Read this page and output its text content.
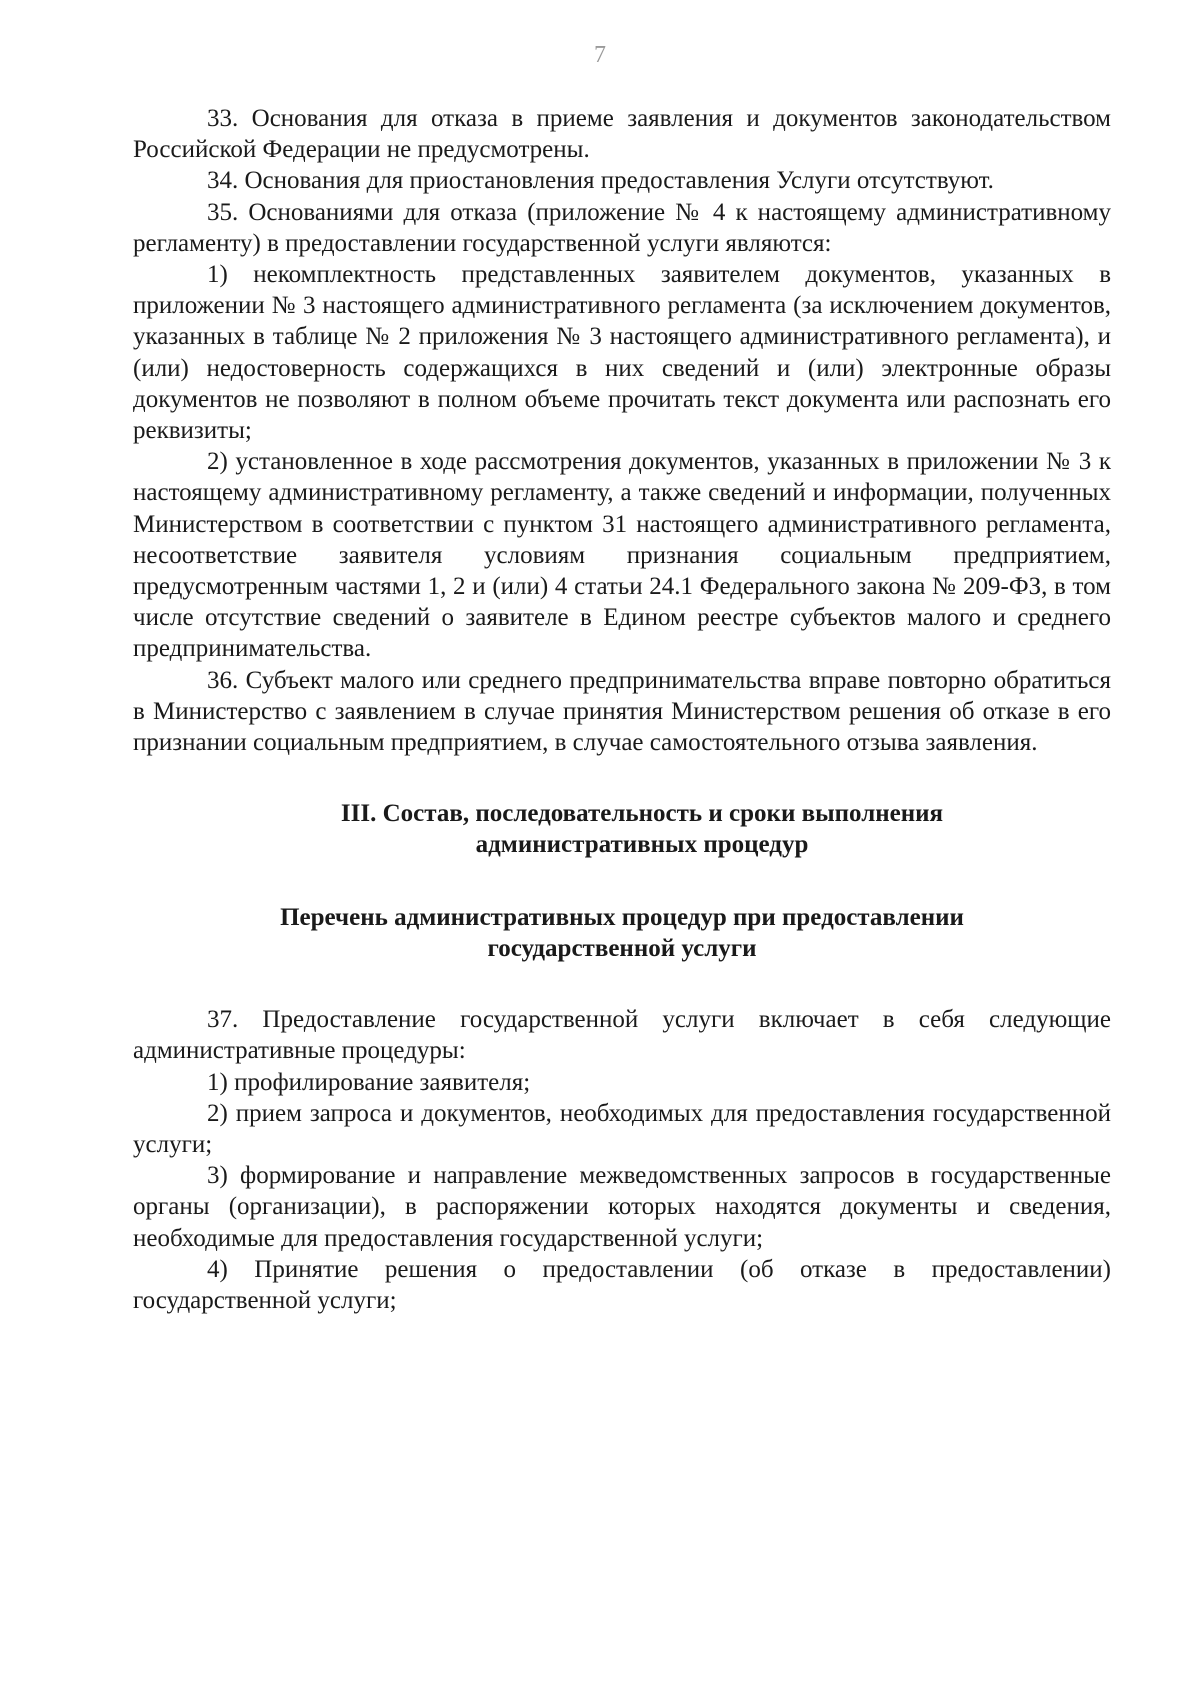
7

33. Основания для отказа в приеме заявления и документов законодательством Российской Федерации не предусмотрены.

34. Основания для приостановления предоставления Услуги отсутствуют.

35. Основаниями для отказа (приложение № 4 к настоящему административному регламенту) в предоставлении государственной услуги являются:

1) некомплектность представленных заявителем документов, указанных в приложении № 3 настоящего административного регламента (за исключением документов, указанных в таблице № 2 приложения № 3 настоящего административного регламента), и (или) недостоверность содержащихся в них сведений и (или) электронные образы документов не позволяют в полном объеме прочитать текст документа или распознать его реквизиты;

2) установленное в ходе рассмотрения документов, указанных в приложении № 3 к настоящему административному регламенту, а также сведений и информации, полученных Министерством в соответствии с пунктом 31 настоящего административного регламента, несоответствие заявителя условиям признания социальным предприятием, предусмотренным частями 1, 2 и (или) 4 статьи 24.1 Федерального закона № 209-ФЗ, в том числе отсутствие сведений о заявителе в Едином реестре субъектов малого и среднего предпринимательства.

36. Субъект малого или среднего предпринимательства вправе повторно обратиться в Министерство с заявлением в случае принятия Министерством решения об отказе в его признании социальным предприятием, в случае самостоятельного отзыва заявления.

III. Состав, последовательность и сроки выполнения
административных процедур
Перечень административных процедур при предоставлении
государственной услуги

37. Предоставление государственной услуги включает в себя следующие административные процедуры:

1) профилирование заявителя;

2) прием запроса и документов, необходимых для предоставления государственной услуги;

3) формирование и направление межведомственных запросов в государственные органы (организации), в распоряжении которых находятся документы и сведения, необходимые для предоставления государственной услуги;

4) Принятие решения о предоставлении (об отказе в предоставлении) государственной услуги;
